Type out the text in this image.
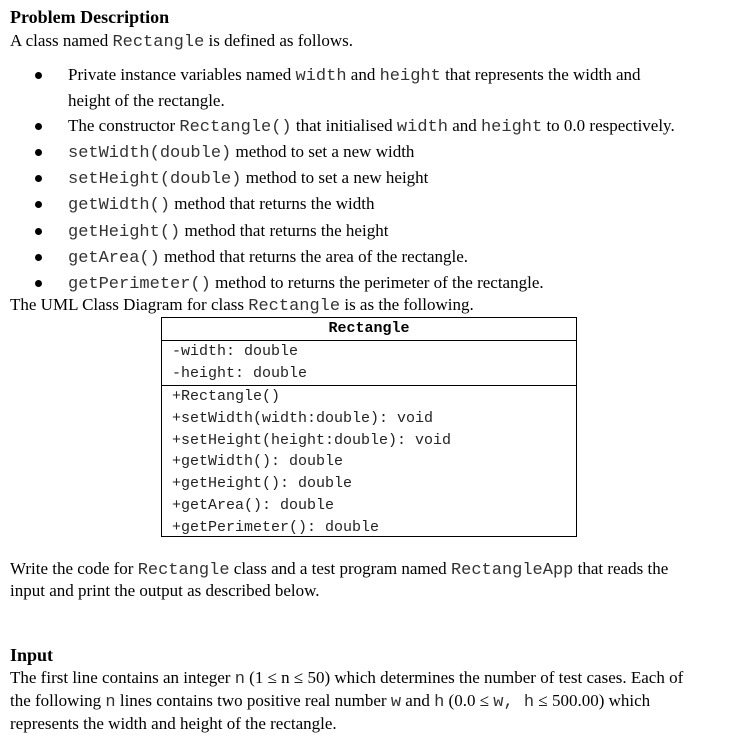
Problem Description
A class named Rectangle is defined as follows.
Private instance variables named width and height that represents the width and
height of the rectangle.
The constructor Rectangle() that initialised width and height to 0.0 respectively.
setWidth(double) method to set a new width
setHeight(double) method to set a new height
getWidth() method that returns the width
getHeight() method that returns the height
getArea() method that returns the area of the rectangle.
getPerimeter() method to returns the perimeter of the rectangle.
The UML Class Diagram for class Rectangle is as the following.
Rectangle
-width: double
-height: double
+Rectangle()
+setWidth(width:double): void
+setHeight(height:double): void
+getWidth(): double
+getHeight(): double
+getArea(): double
+getPerimeter(): double
Write the code for Rectangle class and a test program named RectangleApp that reads the
input and print the output as described below.
Input
The first line contains an integer n (1 ≤ n ≤ 50) which determines the number of test cases. Each of
the following n lines contains two positive real number w and h (0.0 ≤ w, h ≤ 500.00) which
represents the width and height of the rectangle.
